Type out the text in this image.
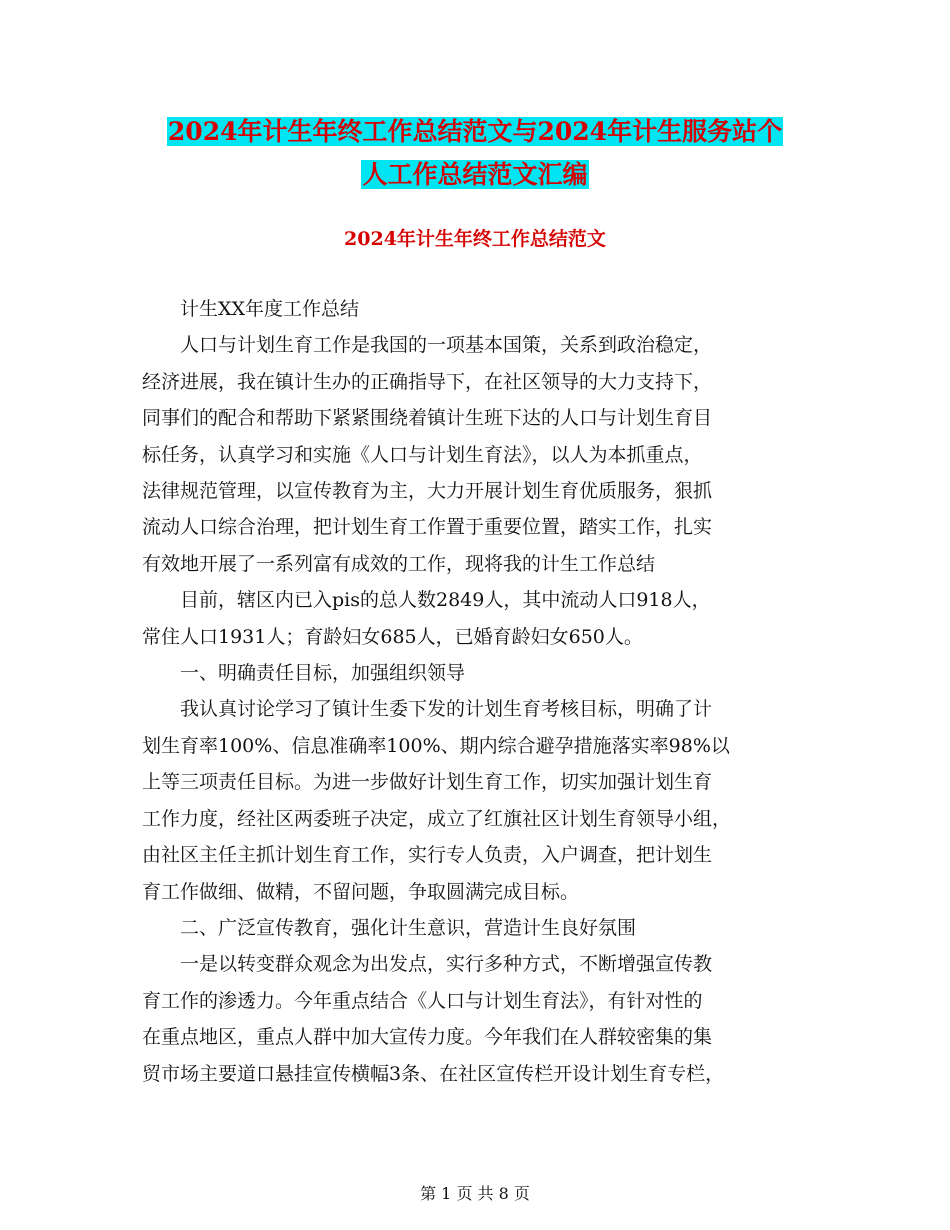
2024年计生年终工作总结范文与2024年计生服务站个
人工作总结范文汇编
2024年计生年终工作总结范文

计生XX年度工作总结

人口与计划生育工作是我国的一项基本国策，关系到政治稳定，

经济进展，我在镇计生办的正确指导下，在社区领导的大力支持下，

同事们的配合和帮助下紧紧围绕着镇计生班下达的人口与计划生育目

标任务，认真学习和实施《人口与计划生育法》，以人为本抓重点，

法律规范管理，以宣传教育为主，大力开展计划生育优质服务，狠抓

流动人口综合治理，把计划生育工作置于重要位置，踏实工作，扎实

有效地开展了一系列富有成效的工作，现将我的计生工作总结

目前，辖区内已入pis的总人数2849人，其中流动人口918人，

常住人口1931人；育龄妇女685人，已婚育龄妇女650人。

一、明确责任目标，加强组织领导

我认真讨论学习了镇计生委下发的计划生育考核目标，明确了计

划生育率100%、信息准确率100%、期内综合避孕措施落实率98%以

上等三项责任目标。为进一步做好计划生育工作，切实加强计划生育

工作力度，经社区两委班子决定，成立了红旗社区计划生育领导小组，

由社区主任主抓计划生育工作，实行专人负责，入户调查，把计划生

育工作做细、做精，不留问题，争取圆满完成目标。

二、广泛宣传教育，强化计生意识，营造计生良好氛围

一是以转变群众观念为出发点，实行多种方式，不断增强宣传教

育工作的渗透力。今年重点结合《人口与计划生育法》，有针对性的

在重点地区，重点人群中加大宣传力度。今年我们在人群较密集的集

贸市场主要道口悬挂宣传横幅3条、在社区宣传栏开设计划生育专栏，

第 1 页 共 8 页
